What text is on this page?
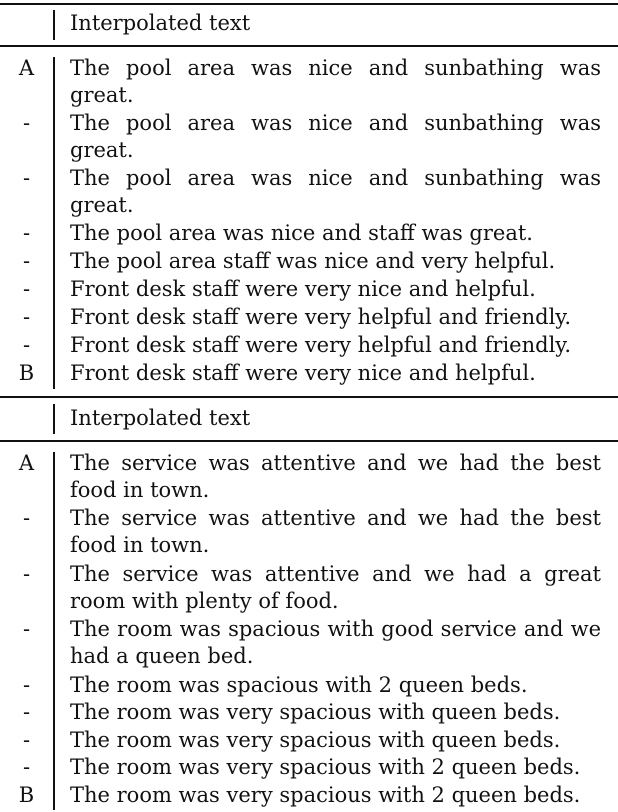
Interpolated text
A	The pool area was nice and sunbathing was great.
-	The pool area was nice and sunbathing was great.
-	The pool area was nice and sunbathing was great.
-	The pool area was nice and staff was great.
-	The pool area staff was nice and very helpful.
-	Front desk staff were very nice and helpful.
-	Front desk staff were very helpful and friendly.
-	Front desk staff were very helpful and friendly.
B	Front desk staff were very nice and helpful.
Interpolated text
A	The service was attentive and we had the best food in town.
-	The service was attentive and we had the best food in town.
-	The service was attentive and we had a great room with plenty of food.
-	The room was spacious with good service and we had a queen bed.
-	The room was spacious with 2 queen beds.
-	The room was very spacious with queen beds.
-	The room was very spacious with queen beds.
-	The room was very spacious with 2 queen beds.
B	The room was very spacious with 2 queen beds.
